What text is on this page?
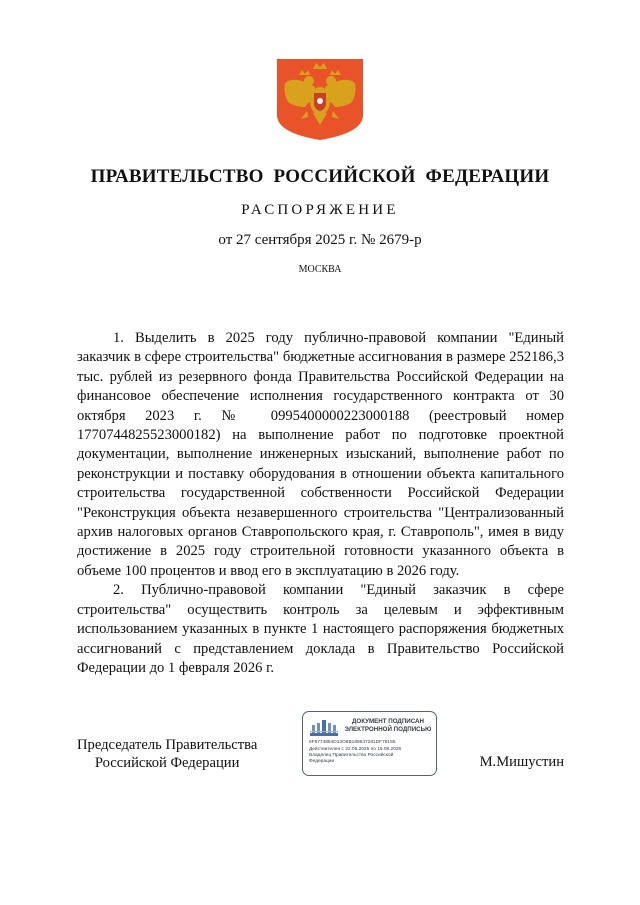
ПРАВИТЕЛЬСТВО РОССИЙСКОЙ ФЕДЕРАЦИИ
РАСПОРЯЖЕНИЕ
от 27 сентября 2025 г. № 2679-р
МОСКВА

1. Выделить в 2025 году публично-правовой компании "Единый заказчик в сфере строительства" бюджетные ассигнования в размере 252186,3 тыс. рублей из резервного фонда Правительства Российской Федерации на финансовое обеспечение исполнения государственного контракта от 30 октября 2023 г. № 0995400000223000188 (реестровый номер 1770744825523000182) на выполнение работ по подготовке проектной документации, выполнение инженерных изысканий, выполнение работ по реконструкции и поставку оборудования в отношении объекта капитального строительства государственной собственности Российской Федерации "Реконструкция объекта незавершенного строительства "Централизованный архив налоговых органов Ставропольского края, г. Ставрополь", имея в виду достижение в 2025 году строительной готовности указанного объекта в объеме 100 процентов и ввод его в эксплуатацию в 2026 году.

2. Публично-правовой компании "Единый заказчик в сфере строительства" осуществить контроль за целевым и эффективным использованием указанных в пункте 1 настоящего распоряжения бюджетных ассигнований с представлением доклада в Правительство Российской Федерации до 1 февраля 2026 г.

Председатель Правительства
Российской Федерации
ДОКУМЕНТ ПОДПИСАН
ЭЛЕКТРОННОЙ ПОДПИСЬЮ
6F6774884D13O6B188647281DF79155
Действителен с 22.05.2025 по 15.08.2026
Владелец Правительство Российской
Федерации	М.Мишустин
